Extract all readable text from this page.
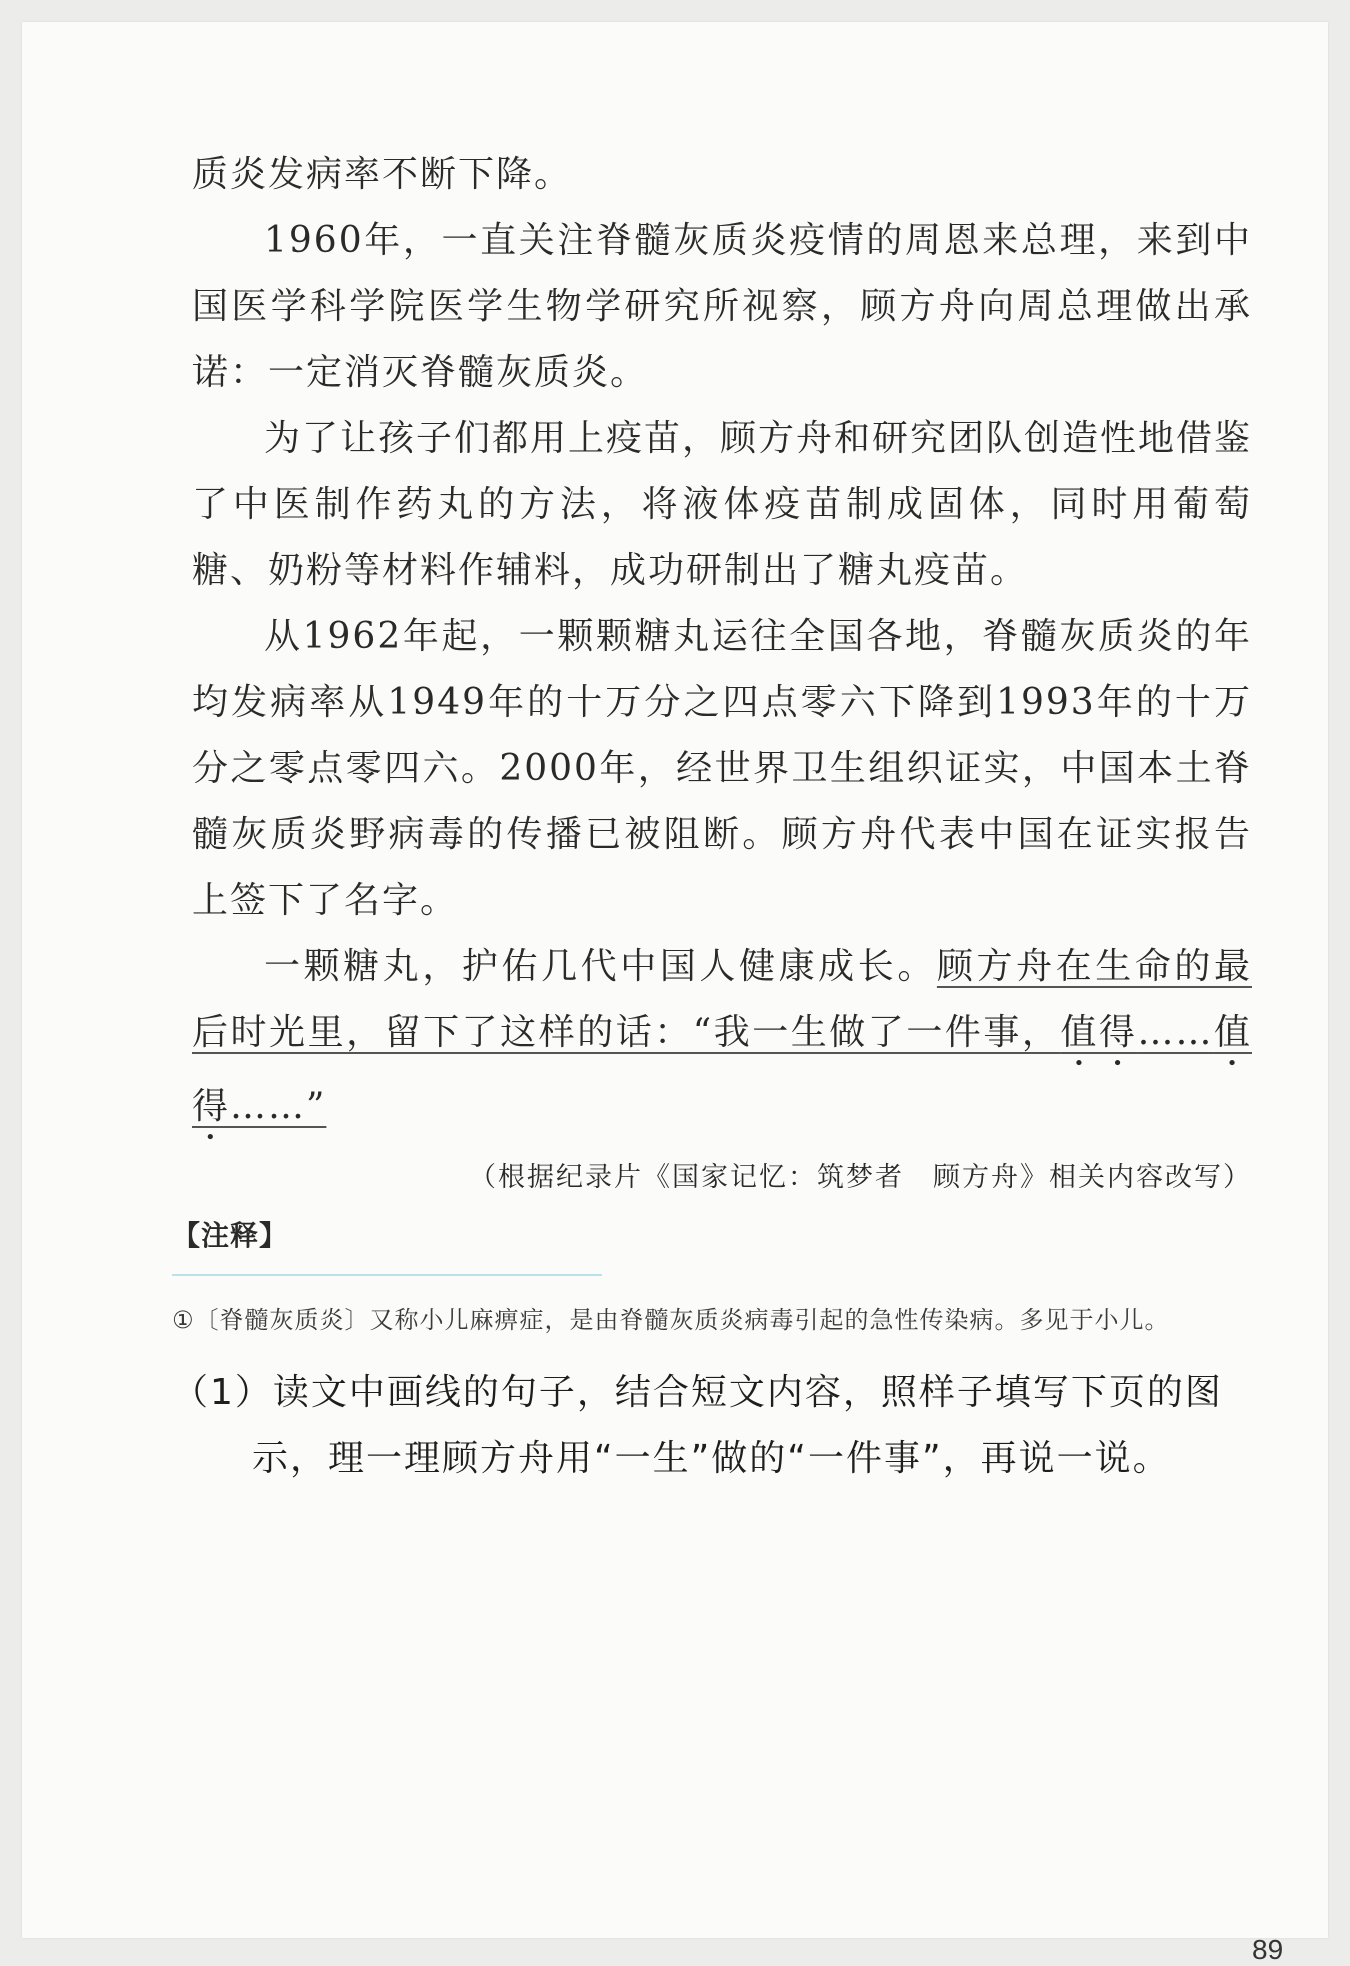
质炎发病率不断下降。

1960年，一直关注脊髓灰质炎疫情的周恩来总理，来到中国医学科学院医学生物学研究所视察，顾方舟向周总理做出承诺：一定消灭脊髓灰质炎。

为了让孩子们都用上疫苗，顾方舟和研究团队创造性地借鉴了中医制作药丸的方法，将液体疫苗制成固体，同时用葡萄糖、奶粉等材料作辅料，成功研制出了糖丸疫苗。

从1962年起，一颗颗糖丸运往全国各地，脊髓灰质炎的年均发病率从1949年的十万分之四点零六下降到1993年的十万分之零点零四六。2000年，经世界卫生组织证实，中国本土脊髓灰质炎野病毒的传播已被阻断。顾方舟代表中国在证实报告上签下了名字。

一颗糖丸，护佑几代中国人健康成长。顾方舟在生命的最后时光里，留下了这样的话：“我一生做了一件事，值得……值得……”

（根据纪录片《国家记忆：筑梦者　顾方舟》相关内容改写）

【注释】

①〔脊髓灰质炎〕又称小儿麻痹症，是由脊髓灰质炎病毒引起的急性传染病。多见于小儿。

（1）读文中画线的句子，结合短文内容，照样子填写下页的图示，理一理顾方舟用“一生”做的“一件事”，再说一说。

89
